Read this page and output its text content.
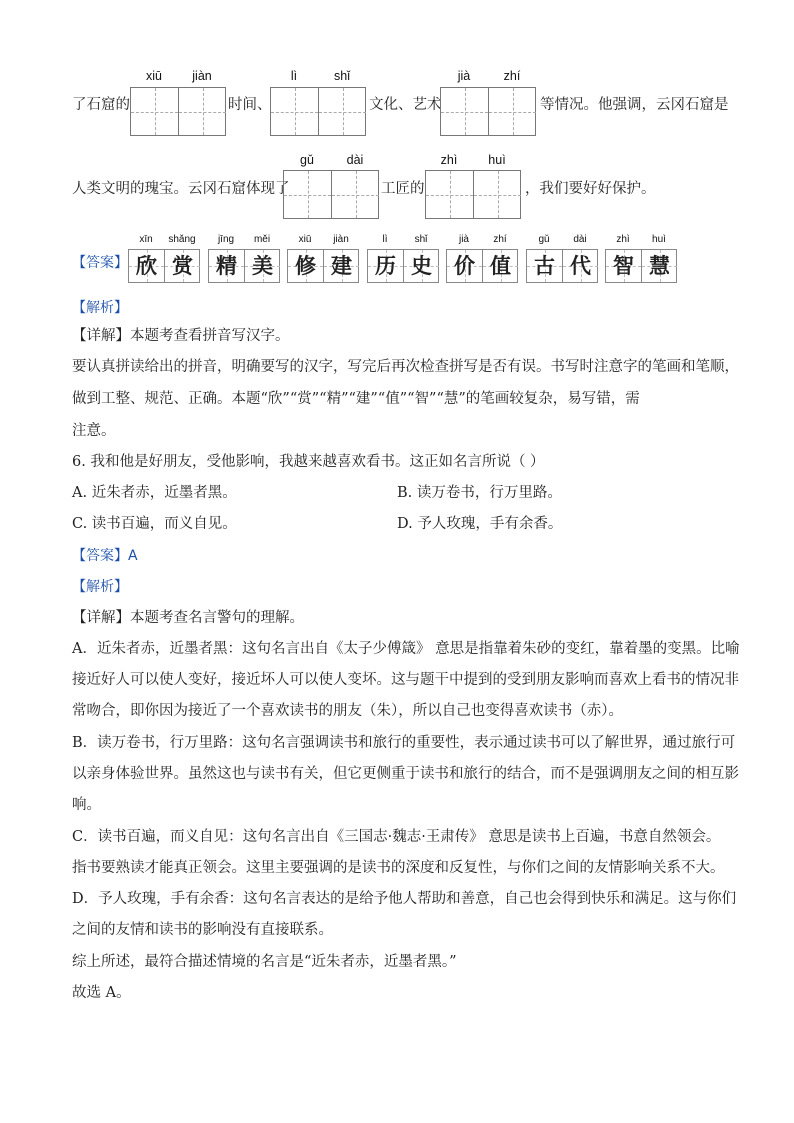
了石窟的
xiū	jiàn
时间、
lì	shǐ
文化、艺术
jià	zhí
等情况。他强调，云冈石窟是
人类文明的瑰宝。云冈石窟体现了
gǔ	dài
工匠的
zhì	huì
，我们要好好保护。
【答案】
xīn	shǎng
欣 赏
jīng	měi
精 美
xiū	jiàn
修 建
lì	shǐ
历 史
jià	zhí
价 值
gǔ	dài
古 代
zhì	huì
智 慧
【解析】
【详解】本题考查看拼音写汉字。
要认真拼读给出的拼音，明确要写的汉字，写完后再次检查拼写是否有误。书写时注意字的笔画和笔顺，
做到工整、规范、正确。本题“欣”“赏”“精”“建”“值”“智”“慧”的笔画较复杂，易写错，需
注意。
6. 我和他是好朋友，受他影响，我越来越喜欢看书。这正如名言所说（ ）
A. 近朱者赤，近墨者黑。	B. 读万卷书，行万里路。
C. 读书百遍，而义自见。	D. 予人玫瑰，手有余香。
【答案】A
【解析】
【详解】本题考查名言警句的理解。
A．近朱者赤，近墨者黑：这句名言出自《太子少傅箴》 意思是指靠着朱砂的变红，靠着墨的变黑。比喻
接近好人可以使人变好，接近坏人可以使人变坏。这与题干中提到的受到朋友影响而喜欢上看书的情况非
常吻合，即你因为接近了一个喜欢读书的朋友（朱），所以自己也变得喜欢读书（赤）。
B．读万卷书，行万里路：这句名言强调读书和旅行的重要性，表示通过读书可以了解世界，通过旅行可
以亲身体验世界。虽然这也与读书有关，但它更侧重于读书和旅行的结合，而不是强调朋友之间的相互影
响。
C．读书百遍，而义自见：这句名言出自《三国志·魏志·王肃传》 意思是读书上百遍，书意自然领会。
指书要熟读才能真正领会。这里主要强调的是读书的深度和反复性，与你们之间的友情影响关系不大。
D．予人玫瑰，手有余香：这句名言表达的是给予他人帮助和善意，自己也会得到快乐和满足。这与你们
之间的友情和读书的影响没有直接联系。
综上所述，最符合描述情境的名言是“近朱者赤，近墨者黑。”
故选 A。
